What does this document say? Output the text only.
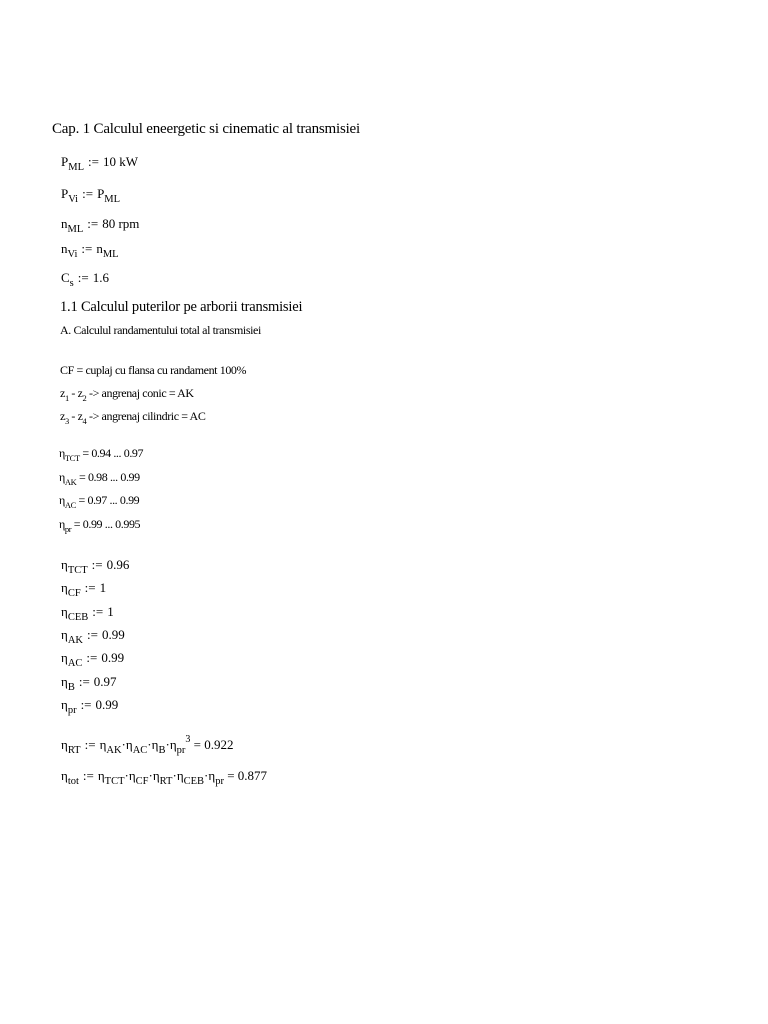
Cap. 1 Calculul eneergetic si cinematic al transmisiei
$P_{ML}$ := 10 kW
$P_{Vi}$ := $P_{ML}$
$n_{ML}$ := 80 rpm
$n_{Vi}$ := $n_{ML}$
$C_s$ := 1.6
1.1 Calculul puterilor pe arborii transmisiei
A. Calculul randamentului total al transmisiei
CF = cuplaj cu flansa cu randament 100%
$z_1 - z_2$ -> angrenaj conic = AK
$z_3 - z_4$ -> angrenaj cilindric = AC
$\eta_{TCT} = 0.94$ ... 0.97
$\eta_{AK} = 0.98$ ... 0.99
$\eta_{AC} = 0.97$ ... 0.99
$\eta_{pr} = 0.99$ ... 0.995
$\eta_{TCT}$ := 0.96
$\eta_{CF}$ := 1
$\eta_{CEB}$ := 1
$\eta_{AK}$ := 0.99
$\eta_{AC}$ := 0.99
$\eta_B$ := 0.97
$\eta_{pr}$ := 0.99
$\eta_{RT}$ := $\eta_{AK}\cdot\eta_{AC}\cdot\eta_B\cdot\eta_{pr}^3 = 0.922$
$\eta_{tot}$ := $\eta_{TCT}\cdot\eta_{CF}\cdot\eta_{RT}\cdot\eta_{CEB}\cdot\eta_{pr} = 0.877$
